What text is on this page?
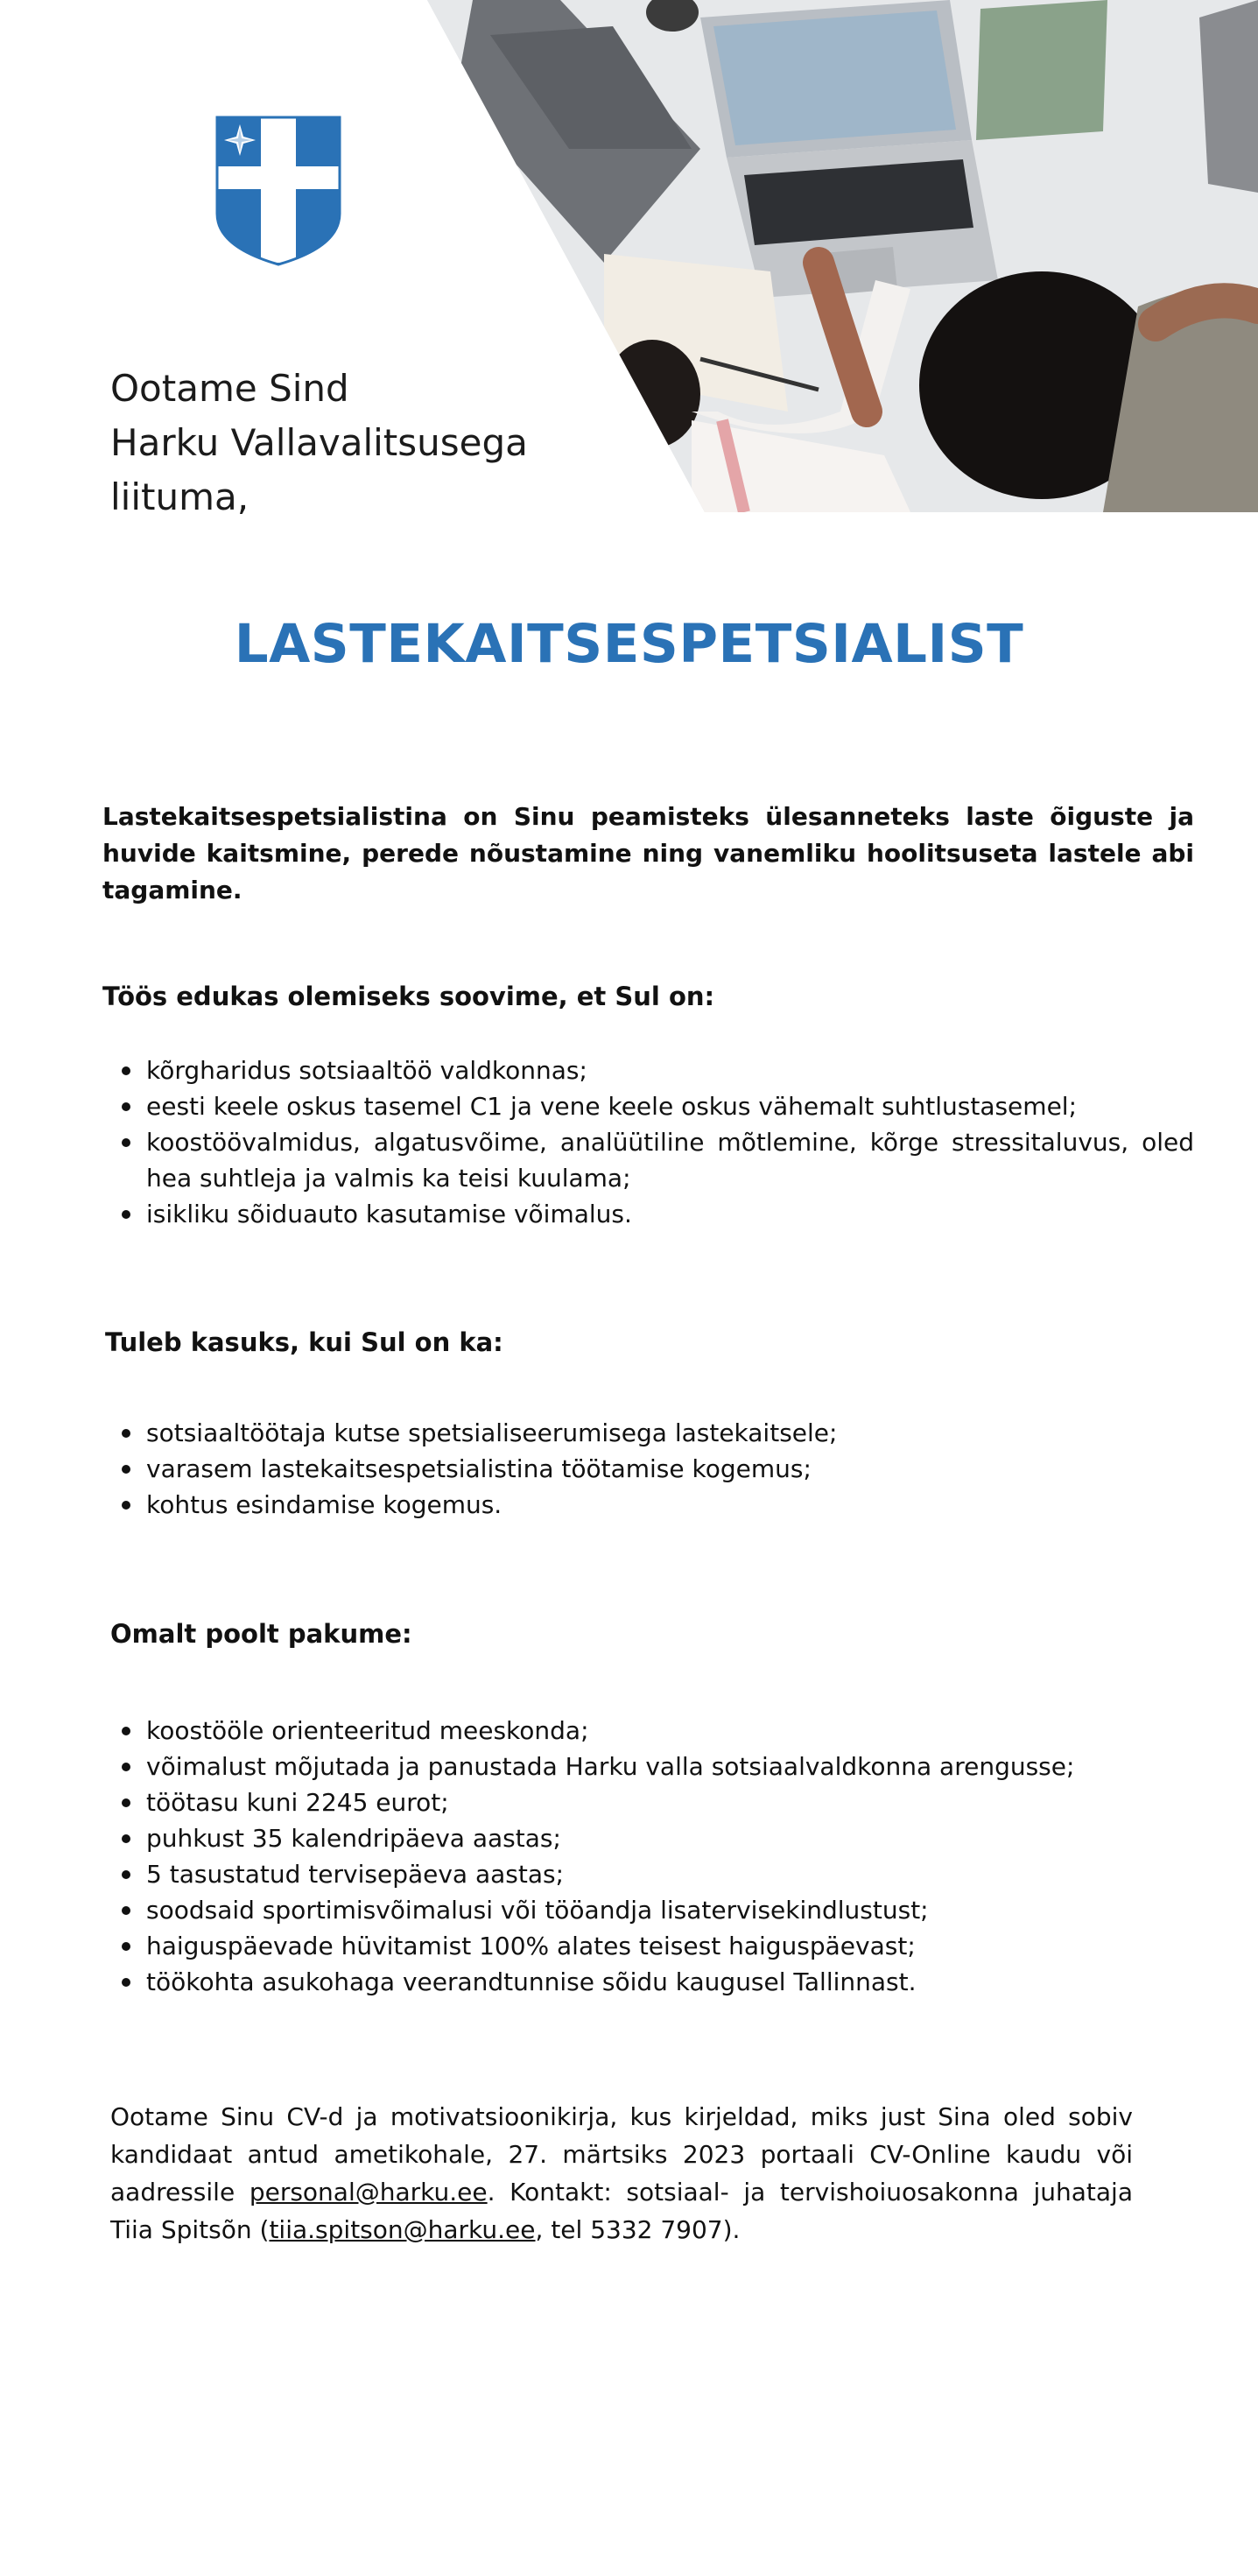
Ootame Sind
Harku Vallavalitsusega
liituma,

LASTEKAITSESPETSIALIST

Lastekaitsespetsialistina on Sinu peamisteks ülesanneteks laste õiguste ja huvide kaitsmine, perede nõustamine ning vanemliku hoolitsuseta lastele abi tagamine.

Töös edukas olemiseks soovime, et Sul on:
kõrgharidus sotsiaaltöö valdkonnas;
eesti keele oskus tasemel C1 ja vene keele oskus vähemalt suhtlustasemel;
koostöövalmidus, algatusvõime, analüütiline mõtlemine, kõrge stressitaluvus, oled hea suhtleja ja valmis ka teisi kuulama;
isikliku sõiduauto kasutamise võimalus.
Tuleb kasuks, kui Sul on ka:
sotsiaaltöötaja kutse spetsialiseerumisega lastekaitsele;
varasem lastekaitsespetsialistina töötamise kogemus;
kohtus esindamise kogemus.
Omalt poolt pakume:
koostööle orienteeritud meeskonda;
võimalust mõjutada ja panustada Harku valla sotsiaalvaldkonna arengusse;
töötasu kuni 2245 eurot;
puhkust 35 kalendripäeva aastas;
5 tasustatud tervisepäeva aastas;
soodsaid sportimisvõimalusi või tööandja lisatervisekindlustust;
haiguspäevade hüvitamist 100% alates teisest haiguspäevast;
töökohta asukohaga veerandtunnise sõidu kaugusel Tallinnast.

Ootame Sinu CV-d ja motivatsioonikirja, kus kirjeldad, miks just Sina oled sobiv kandidaat antud ametikohale, 27. märtsiks 2023 portaali CV-Online kaudu või aadressile personal@harku.ee. Kontakt: sotsiaal- ja tervishoiuosakonna juhataja Tiia Spitsõn (tiia.spitson@harku.ee, tel 5332 7907).
